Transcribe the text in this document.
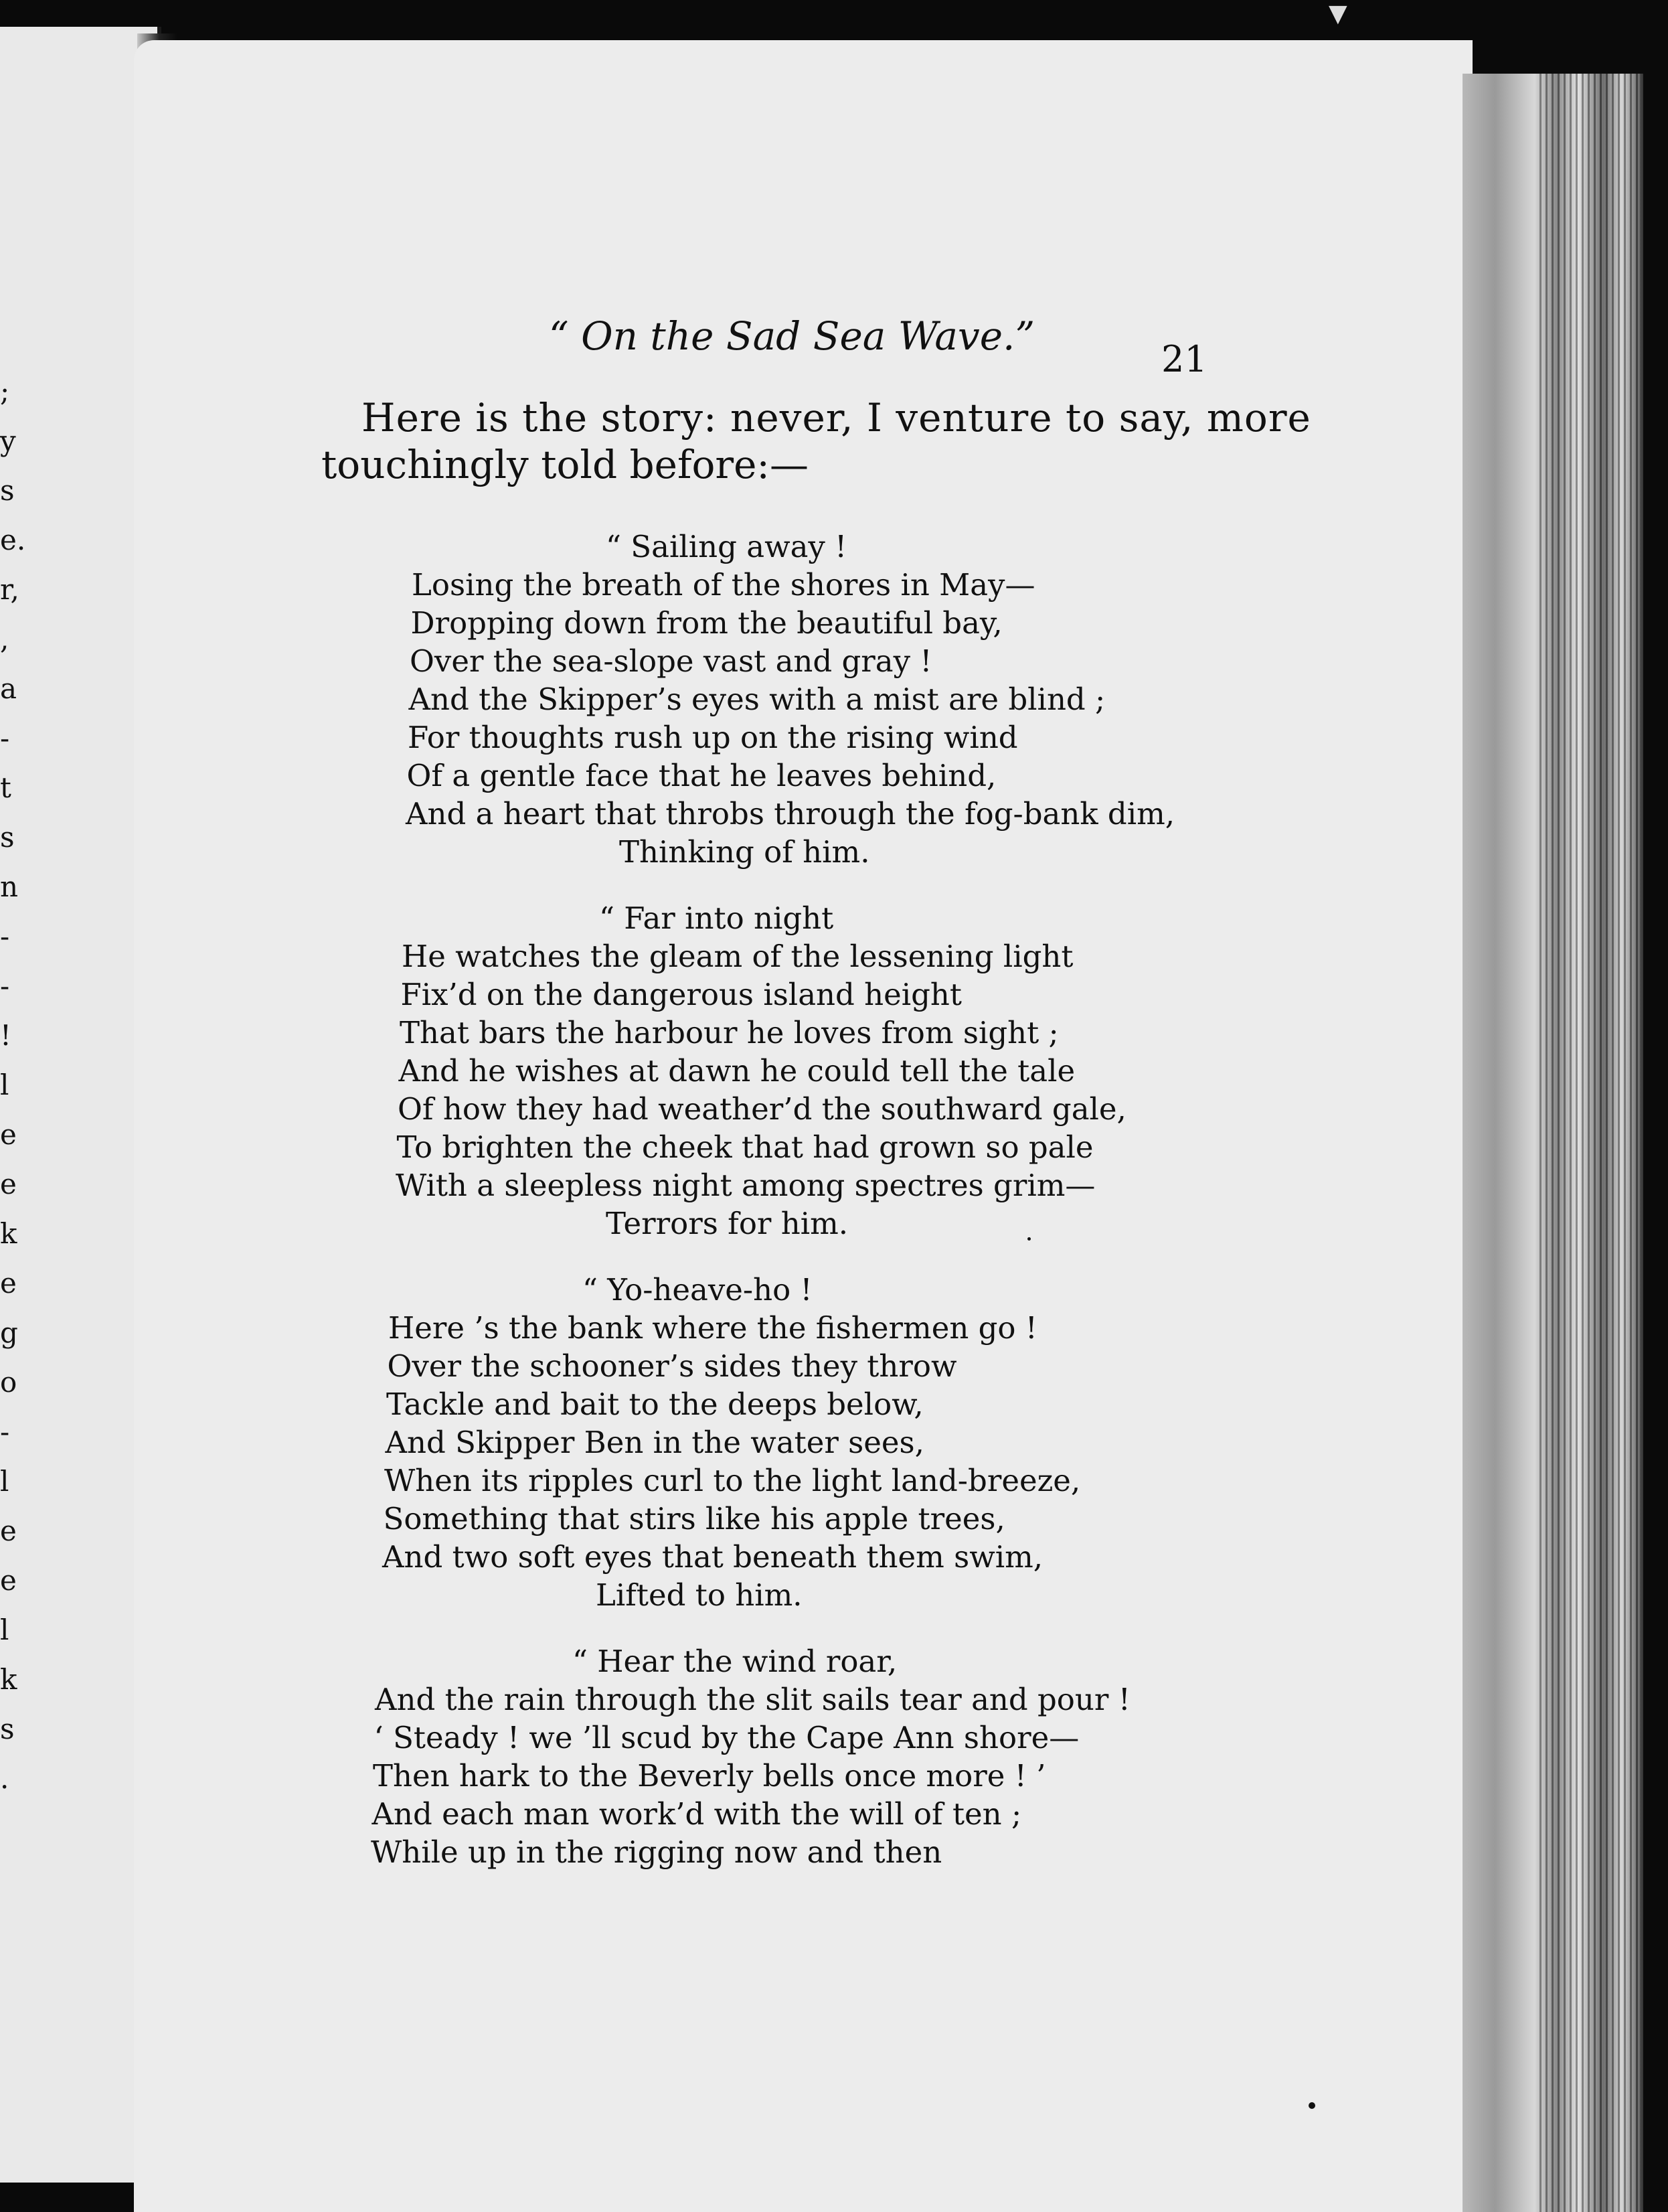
▼
;
y
s
e.
r,
,
a
-
t
s
n
-
-
!
l
e
e
k
e
g
o
-
l
e
e
l
k
s
.
“ On the Sad Sea Wave.”
21
Here is the story: never, I venture to say, more
touchingly told before:—
“ Sailing away !
Losing the breath of the shores in May—
Dropping down from the beautiful bay,
Over the sea-slope vast and gray !
And the Skipper’s eyes with a mist are blind ;
For thoughts rush up on the rising wind
Of a gentle face that he leaves behind,
And a heart that throbs through the fog-bank dim,
Thinking of him.
“ Far into night
He watches the gleam of the lessening light
Fix’d on the dangerous island height
That bars the harbour he loves from sight ;
And he wishes at dawn he could tell the tale
Of how they had weather’d the southward gale,
To brighten the cheek that had grown so pale
With a sleepless night among spectres grim—
Terrors for him.
“ Yo-heave-ho !
Here ’s the bank where the fishermen go !
Over the schooner’s sides they throw
Tackle and bait to the deeps below,
And Skipper Ben in the water sees,
When its ripples curl to the light land-breeze,
Something that stirs like his apple trees,
And two soft eyes that beneath them swim,
Lifted to him.
“ Hear the wind roar,
And the rain through the slit sails tear and pour !
‘ Steady ! we ’ll scud by the Cape Ann shore—
Then hark to the Beverly bells once more ! ’
And each man work’d with the will of ten ;
While up in the rigging now and then
